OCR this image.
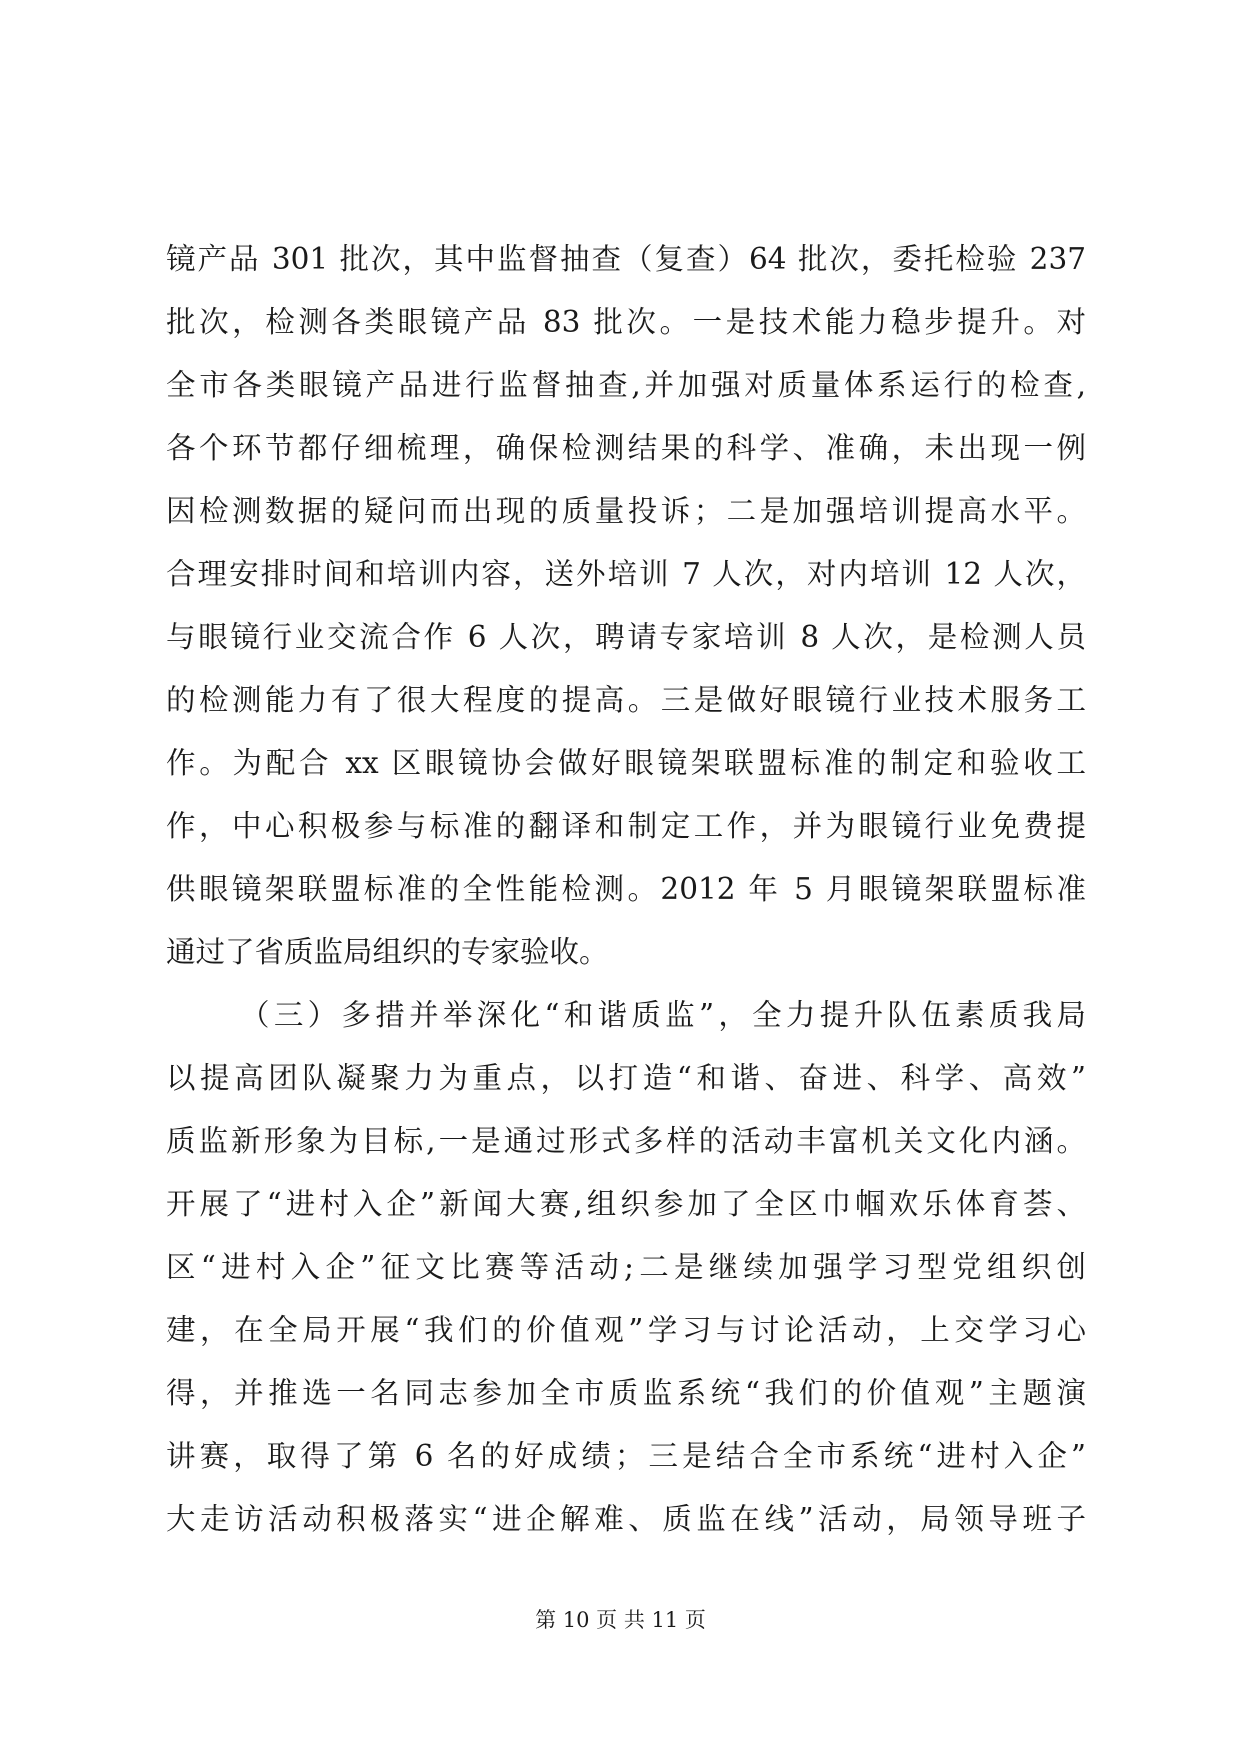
镜产品 301 批次，其中监督抽查（复查）64 批次，委托检验 237
批次，检测各类眼镜产品 83 批次。一是技术能力稳步提升。对
全市各类眼镜产品进行监督抽查,并加强对质量体系运行的检查,
各个环节都仔细梳理，确保检测结果的科学、准确，未出现一例
因检测数据的疑问而出现的质量投诉；二是加强培训提高水平。
合理安排时间和培训内容，送外培训 7 人次，对内培训 12 人次，
与眼镜行业交流合作 6 人次，聘请专家培训 8 人次，是检测人员
的检测能力有了很大程度的提高。三是做好眼镜行业技术服务工
作。为配合 xx 区眼镜协会做好眼镜架联盟标准的制定和验收工
作，中心积极参与标准的翻译和制定工作，并为眼镜行业免费提
供眼镜架联盟标准的全性能检测。2012 年 5 月眼镜架联盟标准
通过了省质监局组织的专家验收。
（三）多措并举深化“和谐质监”，全力提升队伍素质我局
以提高团队凝聚力为重点，以打造“和谐、奋进、科学、高效”
质监新形象为目标,一是通过形式多样的活动丰富机关文化内涵。
开展了“进村入企”新闻大赛,组织参加了全区巾帼欢乐体育荟、
区“进村入企”征文比赛等活动;二是继续加强学习型党组织创
建，在全局开展“我们的价值观”学习与讨论活动，上交学习心
得，并推选一名同志参加全市质监系统“我们的价值观”主题演
讲赛，取得了第 6 名的好成绩；三是结合全市系统“进村入企”
大走访活动积极落实“进企解难、质监在线”活动，局领导班子
第 10 页 共 11 页
